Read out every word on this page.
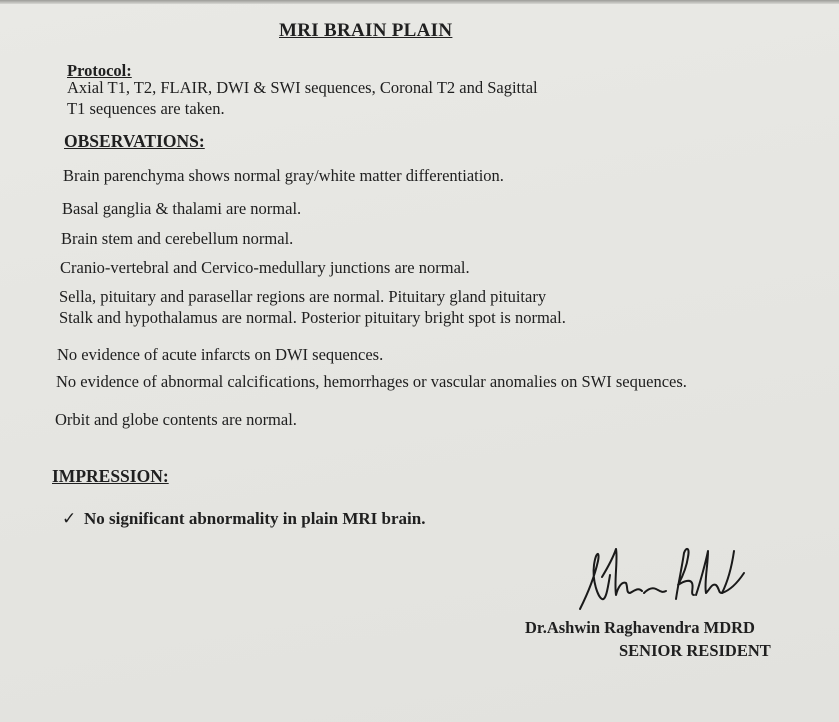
MRI BRAIN PLAIN
Protocol:
Axial T1, T2, FLAIR, DWI & SWI sequences, Coronal T2 and Sagittal
T1 sequences are taken.
OBSERVATIONS:
Brain parenchyma shows normal gray/white matter differentiation.
Basal ganglia & thalami are normal.
Brain stem and cerebellum normal.
Cranio-vertebral and Cervico-medullary junctions are normal.
Sella, pituitary and parasellar regions are normal. Pituitary gland pituitary
Stalk and hypothalamus are normal. Posterior pituitary bright spot is normal.
No evidence of acute infarcts on DWI sequences.
No evidence of abnormal calcifications, hemorrhages or vascular anomalies on SWI sequences.
Orbit and globe contents are normal.
IMPRESSION:
✓ No significant abnormality in plain MRI brain.
Dr.Ashwin Raghavendra MDRD
SENIOR RESIDENT
